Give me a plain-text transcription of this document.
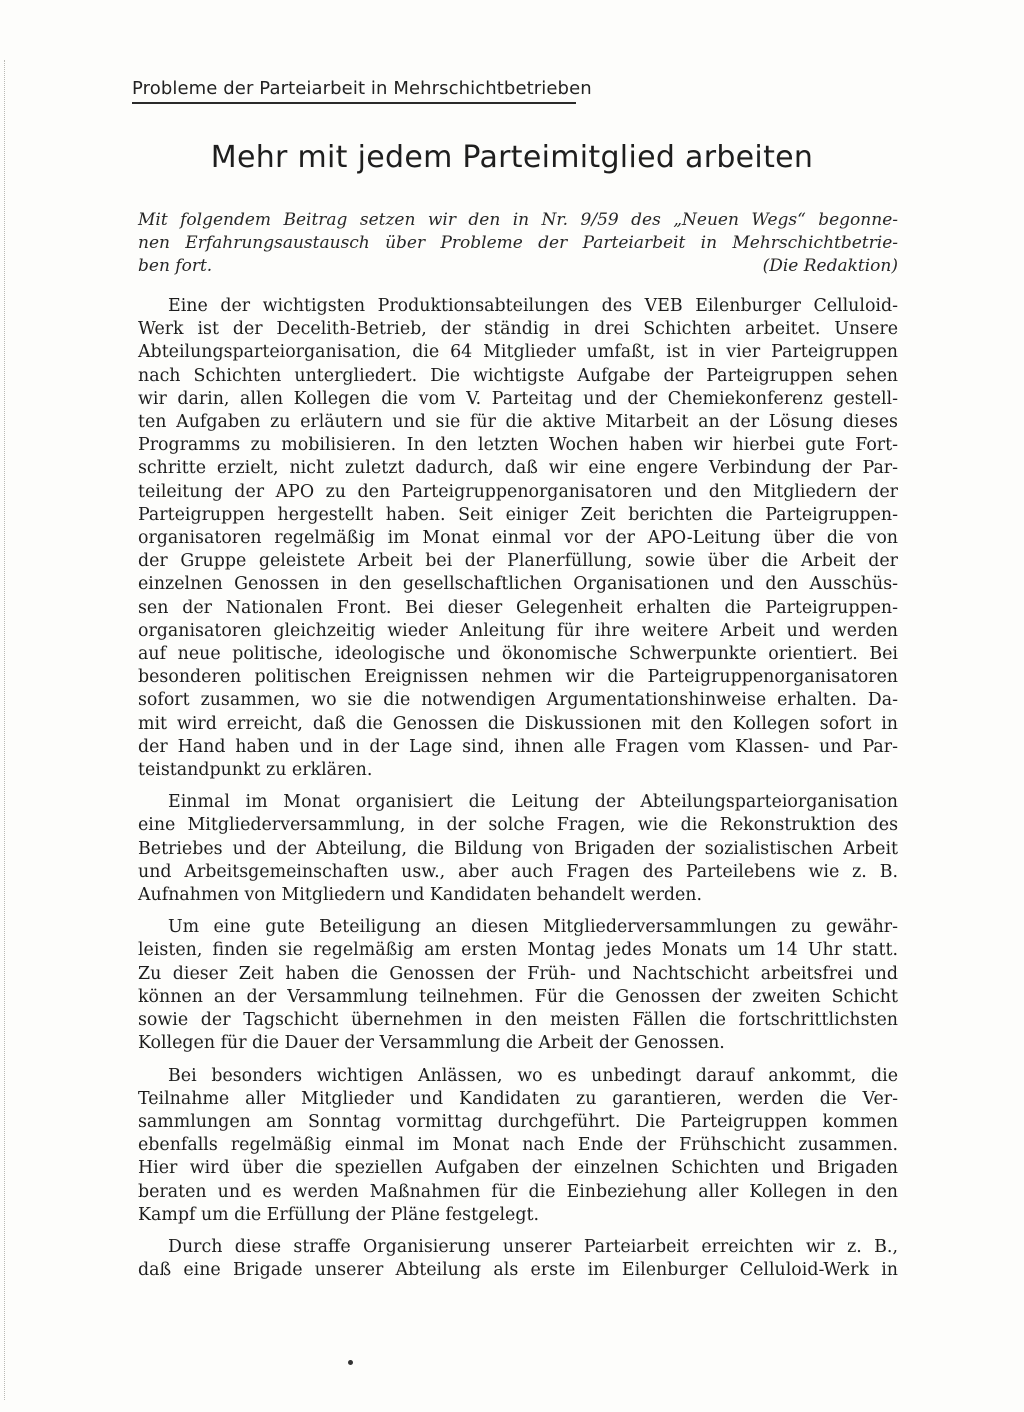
Probleme der Parteiarbeit in Mehrschichtbetrieben
Mehr mit jedem Parteimitglied arbeiten
Mit folgendem Beitrag setzen wir den in Nr. 9/59 des „Neuen Wegs“ begonne-
nen Erfahrungsaustausch über Probleme der Parteiarbeit in Mehrschichtbetrie-
ben fort.	(Die Redaktion)
Eine der wichtigsten Produktionsabteilungen des VEB Eilenburger Celluloid-
Werk ist der Decelith-Betrieb, der ständig in drei Schichten arbeitet. Unsere
Abteilungsparteiorganisation, die 64 Mitglieder umfaßt, ist in vier Parteigruppen
nach Schichten untergliedert. Die wichtigste Aufgabe der Parteigruppen sehen
wir darin, allen Kollegen die vom V. Parteitag und der Chemiekonferenz gestell-
ten Aufgaben zu erläutern und sie für die aktive Mitarbeit an der Lösung dieses
Programms zu mobilisieren. In den letzten Wochen haben wir hierbei gute Fort-
schritte erzielt, nicht zuletzt dadurch, daß wir eine engere Verbindung der Par-
teileitung der APO zu den Parteigruppenorganisatoren und den Mitgliedern der
Parteigruppen hergestellt haben. Seit einiger Zeit berichten die Parteigruppen-
organisatoren regelmäßig im Monat einmal vor der APO-Leitung über die von
der Gruppe geleistete Arbeit bei der Planerfüllung, sowie über die Arbeit der
einzelnen Genossen in den gesellschaftlichen Organisationen und den Ausschüs-
sen der Nationalen Front. Bei dieser Gelegenheit erhalten die Parteigruppen-
organisatoren gleichzeitig wieder Anleitung für ihre weitere Arbeit und werden
auf neue politische, ideologische und ökonomische Schwerpunkte orientiert. Bei
besonderen politischen Ereignissen nehmen wir die Parteigruppenorganisatoren
sofort zusammen, wo sie die notwendigen Argumentationshinweise erhalten. Da-
mit wird erreicht, daß die Genossen die Diskussionen mit den Kollegen sofort in
der Hand haben und in der Lage sind, ihnen alle Fragen vom Klassen- und Par-
teistandpunkt zu erklären.
Einmal im Monat organisiert die Leitung der Abteilungsparteiorganisation
eine Mitgliederversammlung, in der solche Fragen, wie die Rekonstruktion des
Betriebes und der Abteilung, die Bildung von Brigaden der sozialistischen Arbeit
und Arbeitsgemeinschaften usw., aber auch Fragen des Parteilebens wie z. B.
Aufnahmen von Mitgliedern und Kandidaten behandelt werden.
Um eine gute Beteiligung an diesen Mitgliederversammlungen zu gewähr-
leisten, finden sie regelmäßig am ersten Montag jedes Monats um 14 Uhr statt.
Zu dieser Zeit haben die Genossen der Früh- und Nachtschicht arbeitsfrei und
können an der Versammlung teilnehmen. Für die Genossen der zweiten Schicht
sowie der Tagschicht übernehmen in den meisten Fällen die fortschrittlichsten
Kollegen für die Dauer der Versammlung die Arbeit der Genossen.
Bei besonders wichtigen Anlässen, wo es unbedingt darauf ankommt, die
Teilnahme aller Mitglieder und Kandidaten zu garantieren, werden die Ver-
sammlungen am Sonntag vormittag durchgeführt. Die Parteigruppen kommen
ebenfalls regelmäßig einmal im Monat nach Ende der Frühschicht zusammen.
Hier wird über die speziellen Aufgaben der einzelnen Schichten und Brigaden
beraten und es werden Maßnahmen für die Einbeziehung aller Kollegen in den
Kampf um die Erfüllung der Pläne festgelegt.
Durch diese straffe Organisierung unserer Parteiarbeit erreichten wir z. B.,
daß eine Brigade unserer Abteilung als erste im Eilenburger Celluloid-Werk in
